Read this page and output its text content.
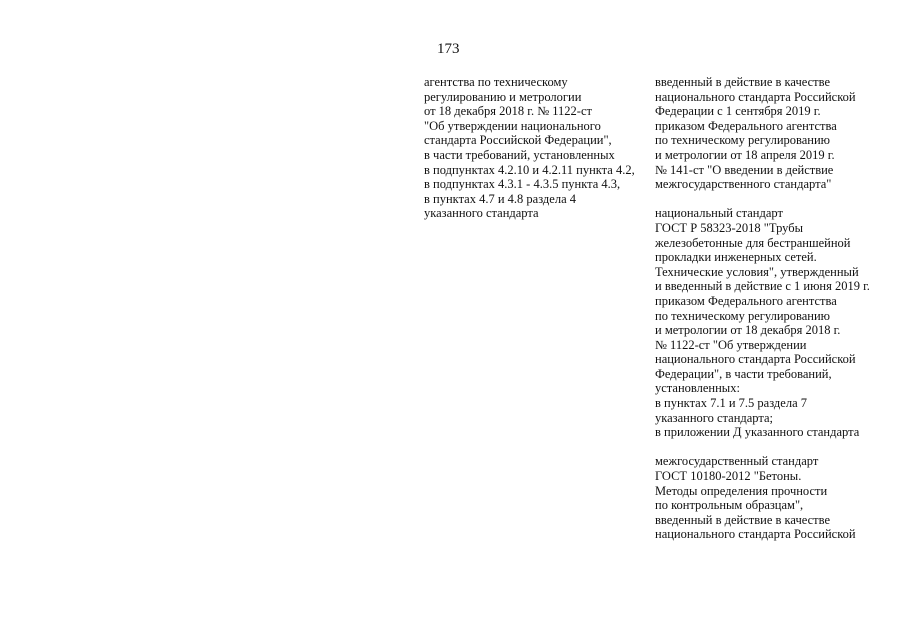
173
агентства по техническому
регулированию и метрологии
от 18 декабря 2018 г. № 1122-ст
"Об утверждении национального
стандарта Российской Федерации",
в части требований, установленных
в подпунктах 4.2.10 и 4.2.11 пункта 4.2,
в подпунктах 4.3.1 - 4.3.5 пункта 4.3,
в пунктах 4.7 и 4.8 раздела 4
указанного стандарта
введенный в действие в качестве
национального стандарта Российской
Федерации с 1 сентября 2019 г.
приказом Федерального агентства
по техническому регулированию
и метрологии от 18 апреля 2019 г.
№ 141-ст "О введении в действие
межгосударственного стандарта"
национальный стандарт
ГОСТ Р 58323-2018 "Трубы
железобетонные для бестраншейной
прокладки инженерных сетей.
Технические условия", утвержденный
и введенный в действие с 1 июня 2019 г.
приказом Федерального агентства
по техническому регулированию
и метрологии от 18 декабря 2018 г.
№ 1122-ст "Об утверждении
национального стандарта Российской
Федерации", в части требований,
установленных:
в пунктах 7.1 и 7.5 раздела 7
указанного стандарта;
в приложении Д указанного стандарта
межгосударственный стандарт
ГОСТ 10180-2012 "Бетоны.
Методы определения прочности
по контрольным образцам",
введенный в действие в качестве
национального стандарта Российской
